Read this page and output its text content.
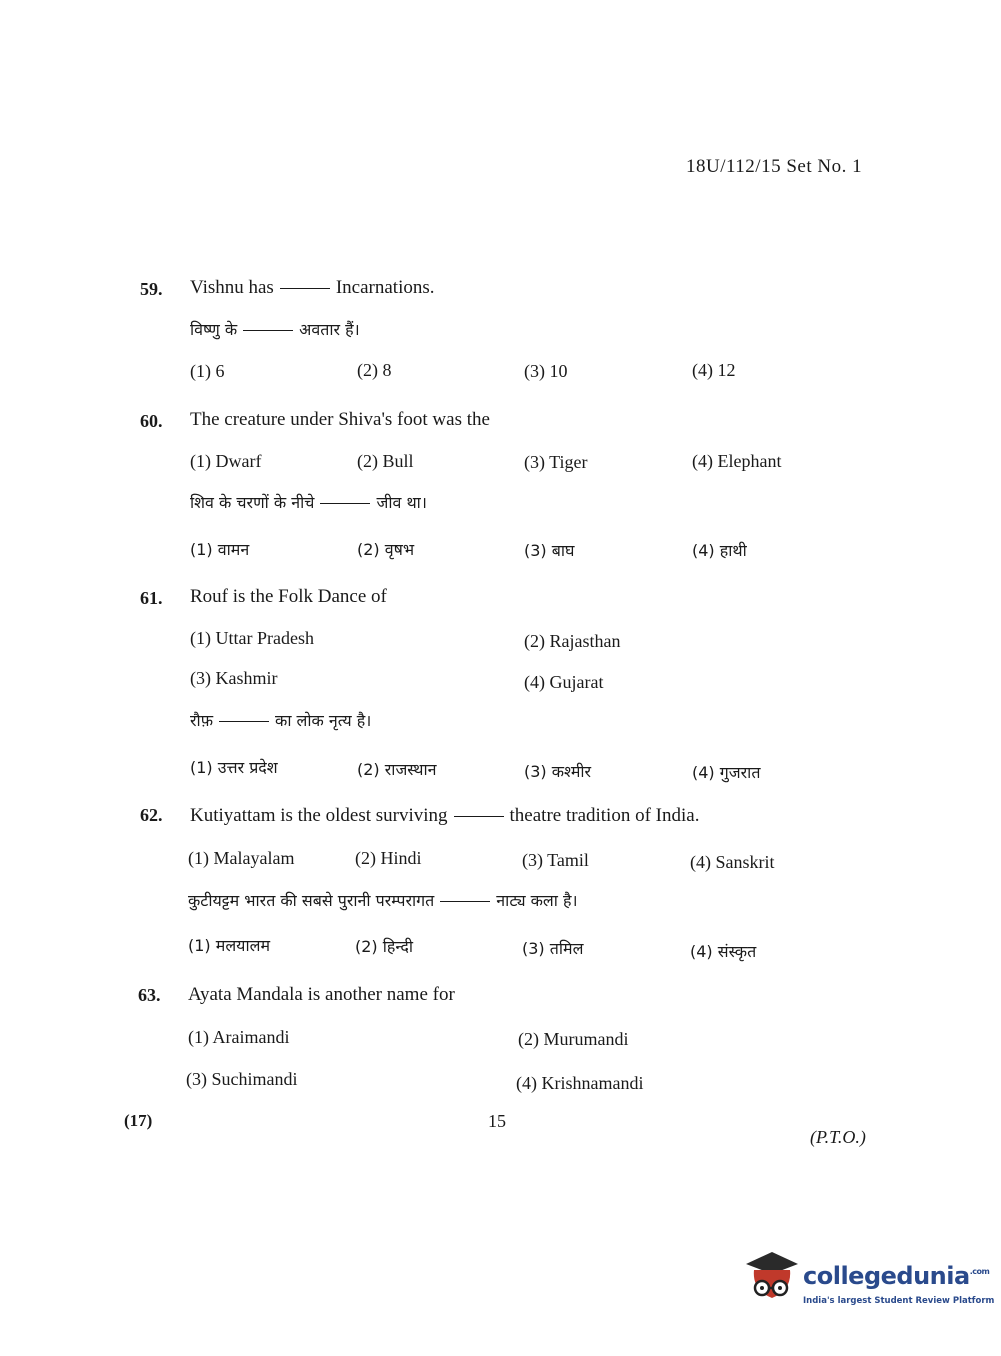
18U/112/15 Set No. 1
59. Vishnu has	Incarnations.
विष्णु के	अवतार हैं।
(1) 6	(2) 8	(3) 10	(4) 12
60. The creature under Shiva's foot was the
(1) Dwarf	(2) Bull	(3) Tiger	(4) Elephant
शिव के चरणों के नीचे	जीव था।
(1) वामन	(2) वृषभ	(3) बाघ	(4) हाथी
61. Rouf is the Folk Dance of
(1) Uttar Pradesh	(2) Rajasthan
(3) Kashmir	(4) Gujarat
रौफ़	का लोक नृत्य है।
(1) उत्तर प्रदेश	(2) राजस्थान	(3) कश्मीर	(4) गुजरात
62. Kutiyattam is the oldest surviving	theatre tradition of India.
(1) Malayalam	(2) Hindi	(3) Tamil	(4) Sanskrit
कुटीयट्टम भारत की सबसे पुरानी परम्परागत	नाट्य कला है।
(1) मलयालम	(2) हिन्दी	(3) तमिल	(4) संस्कृत
63. Ayata Mandala is another name for
(1) Araimandi	(2) Murumandi
(3) Suchimandi	(4) Krishnamandi
(17)	15
(P.T.O.)
collegedunia$^{.com}$
India's largest Student Review Platform
